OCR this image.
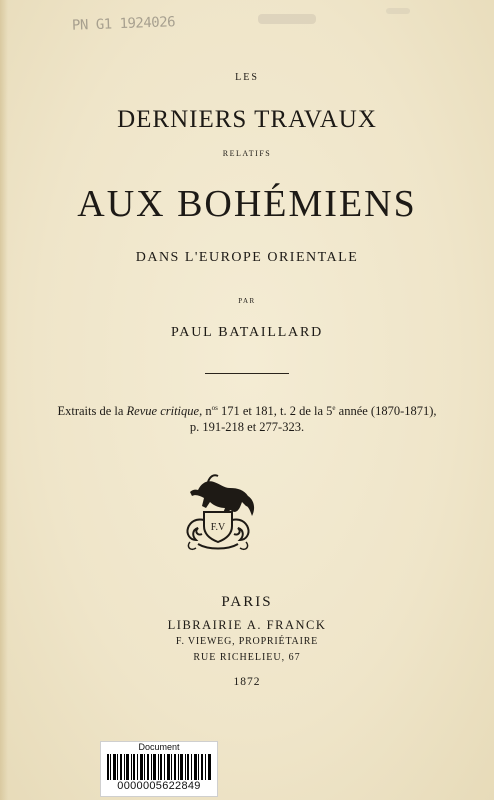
PN G1 1924026
LES
DERNIERS TRAVAUX
RELATIFS
AUX BOHÉMIENS
DANS L'EUROPE ORIENTALE
PAR
PAUL BATAILLARD
Extraits de la Revue critique, $n^{os}$ 171 et 181, t. 2 de la 5e année (1870-1871),
p. 191-218 et 277-323.
F.V
PARIS
LIBRAIRIE A. FRANCK
F. VIEWEG, PROPRIÉTAIRE
RUE RICHELIEU, 67
1872
Document
0000005622849
